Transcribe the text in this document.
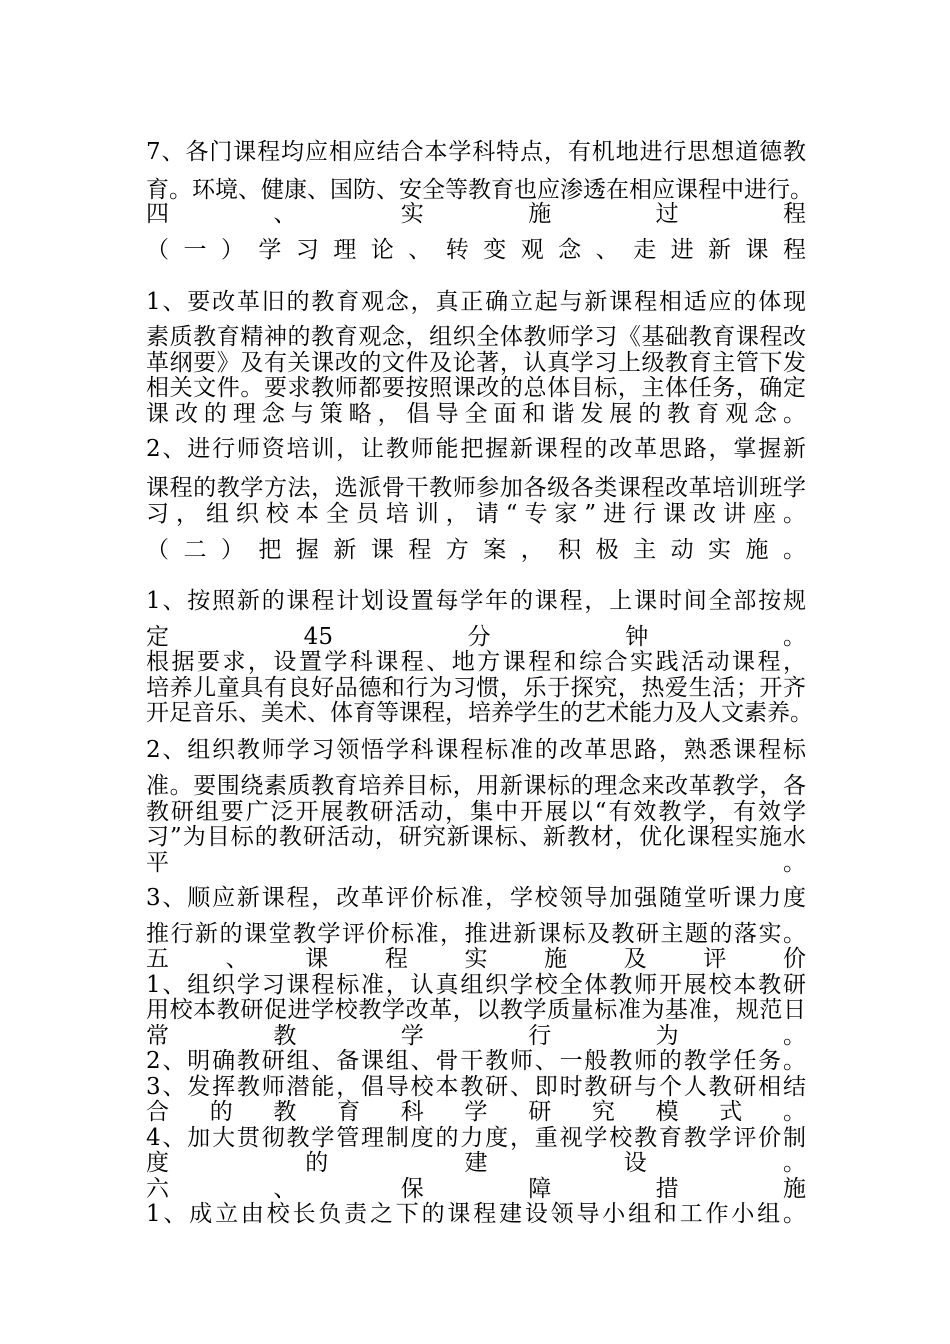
7、各门课程均应相应结合本学科特点，有机地进行思想道德教
育。环境、健康、国防、安全等教育也应渗透在相应课程中进行。
四、实施过程
（一）学习理论、转变观念、走进新课程
1、要改革旧的教育观念，真正确立起与新课程相适应的体现
素质教育精神的教育观念，组织全体教师学习《基础教育课程改
革纲要》及有关课改的文件及论著，认真学习上级教育主管下发
相关文件。要求教师都要按照课改的总体目标，主体任务，确定
课改的理念与策略，倡导全面和谐发展的教育观念。
2、进行师资培训，让教师能把握新课程的改革思路，掌握新
课程的教学方法，选派骨干教师参加各级各类课程改革培训班学
习，组织校本全员培训，请“专家”进行课改讲座。
（二）把握新课程方案，积极主动实施。
1、按照新的课程计划设置每学年的课程，上课时间全部按规
定45分钟。
根据要求，设置学科课程、地方课程和综合实践活动课程，
培养儿童具有良好品德和行为习惯，乐于探究，热爱生活；开齐
开足音乐、美术、体育等课程，培养学生的艺术能力及人文素养。
2、组织教师学习领悟学科课程标准的改革思路，熟悉课程标
准。要围绕素质教育培养目标，用新课标的理念来改革教学，各
教研组要广泛开展教研活动，集中开展以“有效教学，有效学
习”为目标的教研活动，研究新课标、新教材，优化课程实施水
平。
3、顺应新课程，改革评价标准，学校领导加强随堂听课力度
推行新的课堂教学评价标准，推进新课标及教研主题的落实。
五、课程实施及评价
1、组织学习课程标准，认真组织学校全体教师开展校本教研
用校本教研促进学校教学改革，以教学质量标准为基准，规范日
常教学行为。
2、明确教研组、备课组、骨干教师、一般教师的教学任务。
3、发挥教师潜能，倡导校本教研、即时教研与个人教研相结
合的教育科学研究模式。
4、加大贯彻教学管理制度的力度，重视学校教育教学评价制
度的建设。
六、保障措施
1、成立由校长负责之下的课程建设领导小组和工作小组。
